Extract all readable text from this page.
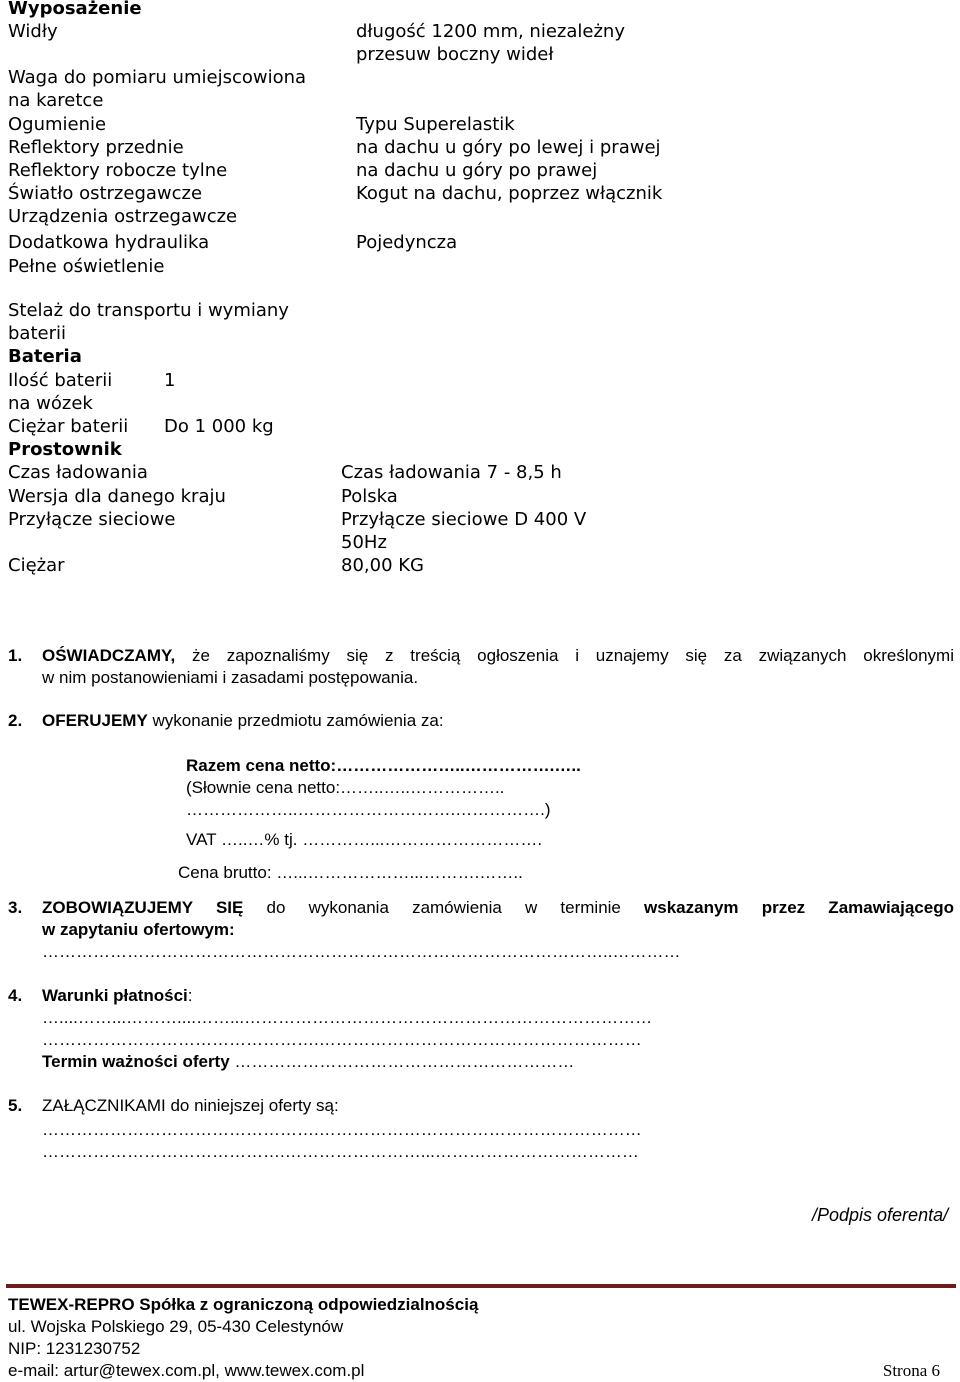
Wyposażenie
Widły	długość 1200 mm, niezależny
przesuw boczny wideł
Waga do pomiaru umiejscowiona
na karetce
Ogumienie	Typu Superelastik
Reflektory przednie	na dachu u góry po lewej i prawej
Reflektory robocze tylne	na dachu u góry po prawej
Światło ostrzegawcze	Kogut na dachu, poprzez włącznik
Urządzenia ostrzegawcze
Dodatkowa hydraulika	Pojedyncza
Pełne oświetlenie
Stelaż do transportu i wymiany
baterii
Bateria
Ilość baterii	1
na wózek
Ciężar baterii Do 1 000 kg
Prostownik
Czas ładowania	Czas ładowania 7 - 8,5 h
Wersja dla danego kraju	Polska
Przyłącze sieciowe	Przyłącze sieciowe D 400 V
50Hz
Ciężar	80,00 KG
1. OŚWIADCZAMY, że zapoznaliśmy się z treścią ogłoszenia i uznajemy się za związanych określonymi
w nim postanowieniami i zasadami postępowania.
2. OFERUJEMY wykonanie przedmiotu zamówienia za:
Razem cena netto:…………………..…………….…..
(Słownie cena netto:……..…..……………..
………………..……………………….…………….)
VAT …..…% tj. …………...……………………….
Cena brutto: …...………………...……….……..
3. ZOBOWIĄZUJEMY SIĘ do wykonania zamówienia w terminie wskazanym przez Zamawiającego
w zapytaniu ofertowym:
………………………………………………………………………………………..…………
4. Warunki płatności:
…....……...………....……...………………………………………………………………
………………………………………….…………………………………………………
Termin ważności oferty ……………………………………………………
5. ZAŁĄCZNIKAMI do niniejszej oferty są:
………………………………………….…………………………………………………
…………………………………….……………………...………………………………
/Podpis oferenta/
TEWEX-REPRO Spółka z ograniczoną odpowiedzialnością
ul. Wojska Polskiego 29, 05-430 Celestynów
NIP: 1231230752
e-mail: artur@tewex.com.pl, www.tewex.com.pl	Strona 6
